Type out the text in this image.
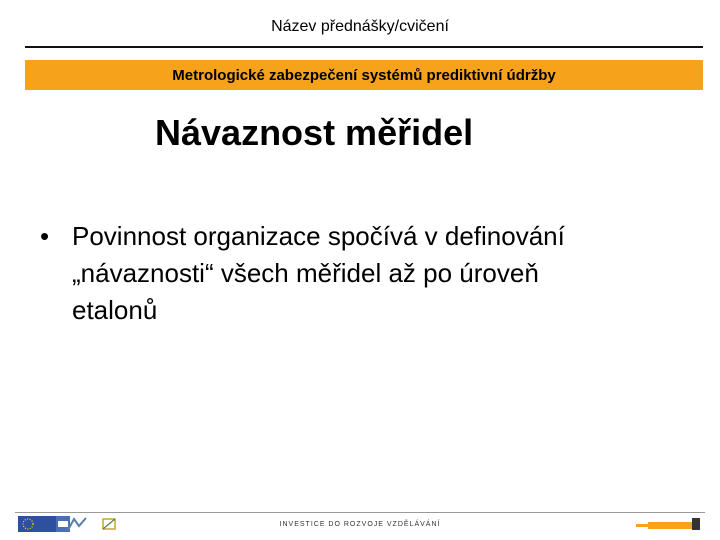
Název přednášky/cvičení
Metrologické zabezpečení systémů prediktivní údržby
Návaznost měřidel
• Povinnost organizace spočívá v definování
„návaznosti“ všech měřidel až po úroveň
etalonů
INVESTICE DO ROZVOJE VZDĚLÁVÁNÍ
